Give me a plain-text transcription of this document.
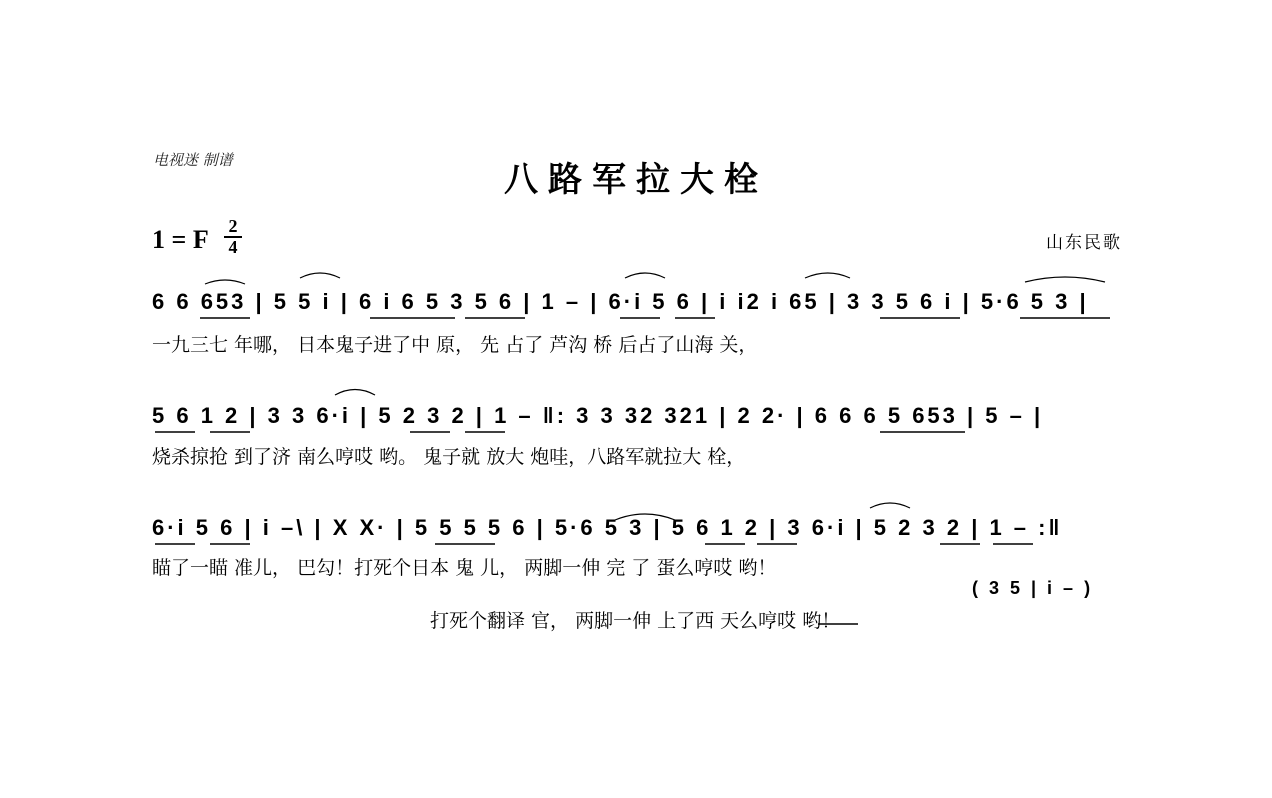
电视迷 制谱	八路军拉大栓
1 = F 2
4	山东民歌
6 6 653 | 5 5 i | 6 i 6 5 3 5 6 | 1 – | 6·i 5 6 | i i2 i 65 | 3 3 5 6 i | 5·6 5 3 |
一九三七 年哪， 日本鬼子进了中 原， 先 占了 芦沟 桥 后占了山海 关，
5 6 1 2 | 3 3 6·i | 5 2 3 2 | 1 – ‖: 3 3 32 321 | 2 2· | 6 6 6 5 653 | 5 – |
烧杀掠抢 到了济 南么哼哎 哟。 鬼子就 放大 炮哇，八路军就拉大 栓，
6·i 5 6 | i –\ | X X· | 5 5 5 5 6 | 5·6 5 3 | 5 6 1 2 | 3 6·i | 5 2 3 2 | 1 – :‖
瞄了一瞄 准儿， 巴勾！打死个日本 鬼 儿， 两脚一伸 完 了 蛋么哼哎 哟！
( 3 5 | i – )
打死个翻译 官， 两脚一伸 上了西 天么哼哎 哟！
